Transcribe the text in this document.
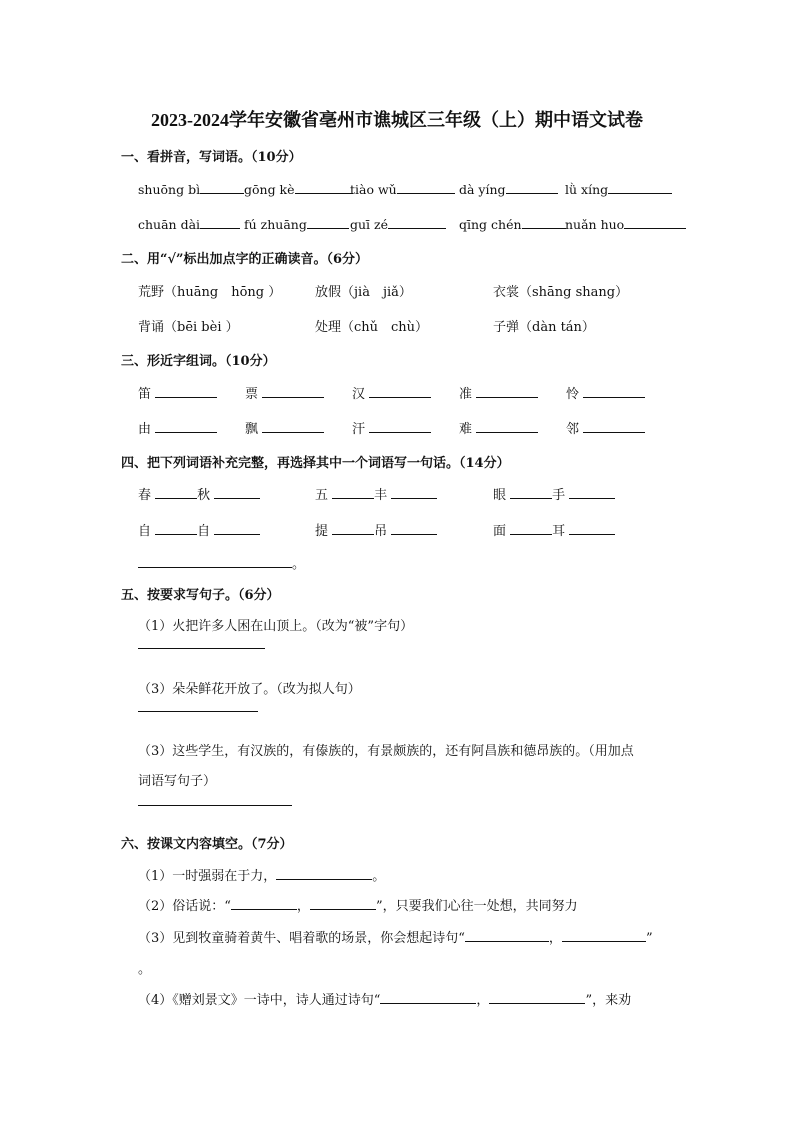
2023-2024学年安徽省亳州市谯城区三年级（上）期中语文试卷
一、看拼音，写词语。（10分）
shuōng bì	gōng kè	tiào wǔ	dà yíng	lǜ xíng
chuān dài	fú zhuāng	guī zé	qīng chén	nuǎn huo
二、用“√”标出加点字的正确读音。（6分）
荒野（huāng　hōng ）	放假（jià　jiǎ）	衣裳（shāng shang）
背诵（bēi bèi ）	处理（chǔ　chù）	子弹（dàn tán）
三、形近字组词。（10分）
笛	票	汉	准	怜
由	飘	汗	难	邻
四、把下列词语补充完整，再选择其中一个词语写一句话。（14分）
春	秋	五	丰	眼	手
自	自	提	吊	面	耳
。
五、按要求写句子。（6分）
（1）火把许多人困在山顶上。（改为“被”字句）
（3）朵朵鲜花开放了。（改为拟人句）
（3）这些学生，有汉族的，有傣族的，有景颇族的，还有阿昌族和德昂族的。（用加点
词语写句子）
六、按课文内容填空。（7分）
（1）一时强弱在于力，	。
（2）俗话说：“	，	”，只要我们心往一处想，共同努力
（3）见到牧童骑着黄牛、唱着歌的场景，你会想起诗句“	，	”
。
（4）《赠刘景文》一诗中，诗人通过诗句“	，	”，来劝
